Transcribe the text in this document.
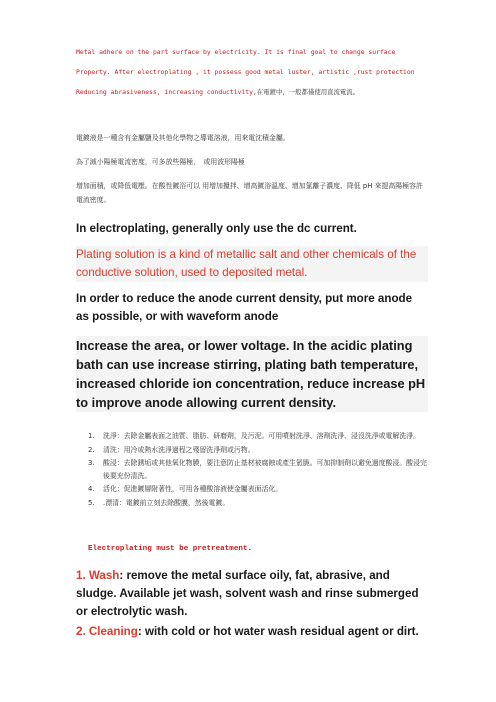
Metal adhere on the part surface by electricity. It is final goal to change surface Property. After electroplating , it possess good metal luster, artistic ,rust protection Reducing abrasiveness, increasing conductivity,在電鍍中，一般都僅使用直流電流。
電鍍液是一種含有金屬鹽及其他化學物之導電溶液，用來電沈積金屬。
為了減小陽極電流密度，可多放些陽極，　或用波形陽極
增加面積，或降低電壓。在酸性鍍浴可以 用增加攪拌、增高鍍浴溫度、增加氯離子濃度、降低 pH 來提高陽極容許電流密度。
In electroplating, generally only use the dc current.
Plating solution is a kind of metallic salt and other chemicals of the conductive solution, used to deposited metal.
In order to reduce the anode current density, put more anode as possible, or with waveform anode
Increase the area, or lower voltage. In the acidic plating bath can use increase stirring, plating bath temperature, increased chloride ion concentration, reduce increase pH to improve anode allowing current density.
1.	洗淨：去除金屬表面之油質、脂肪、研磨劑，及污泥。可用噴射洗淨、溶劑洗淨、浸沒洗淨或電解洗淨。
2.	清洗：用冷或熱水洗淨過程之殘留洗淨劑或污物。
3.	酸浸：去除銹垢或其他氧化物膜，要注意防止基材被腐蝕或產生氫脆。可加抑制劑以避免過度酸浸。酸浸完後要充份清洗。
4.	活化：促進鍍層附著性，可用各種酸溶液使金屬表面活化。
5.	.漂清：電鍍前立刻去除酸膜，然後電鍍。
Electroplating must be pretreatment.
1. Wash: remove the metal surface oily, fat, abrasive, and sludge. Available jet wash, solvent wash and rinse submerged or electrolytic wash.
2. Cleaning: with cold or hot water wash residual agent or dirt.
